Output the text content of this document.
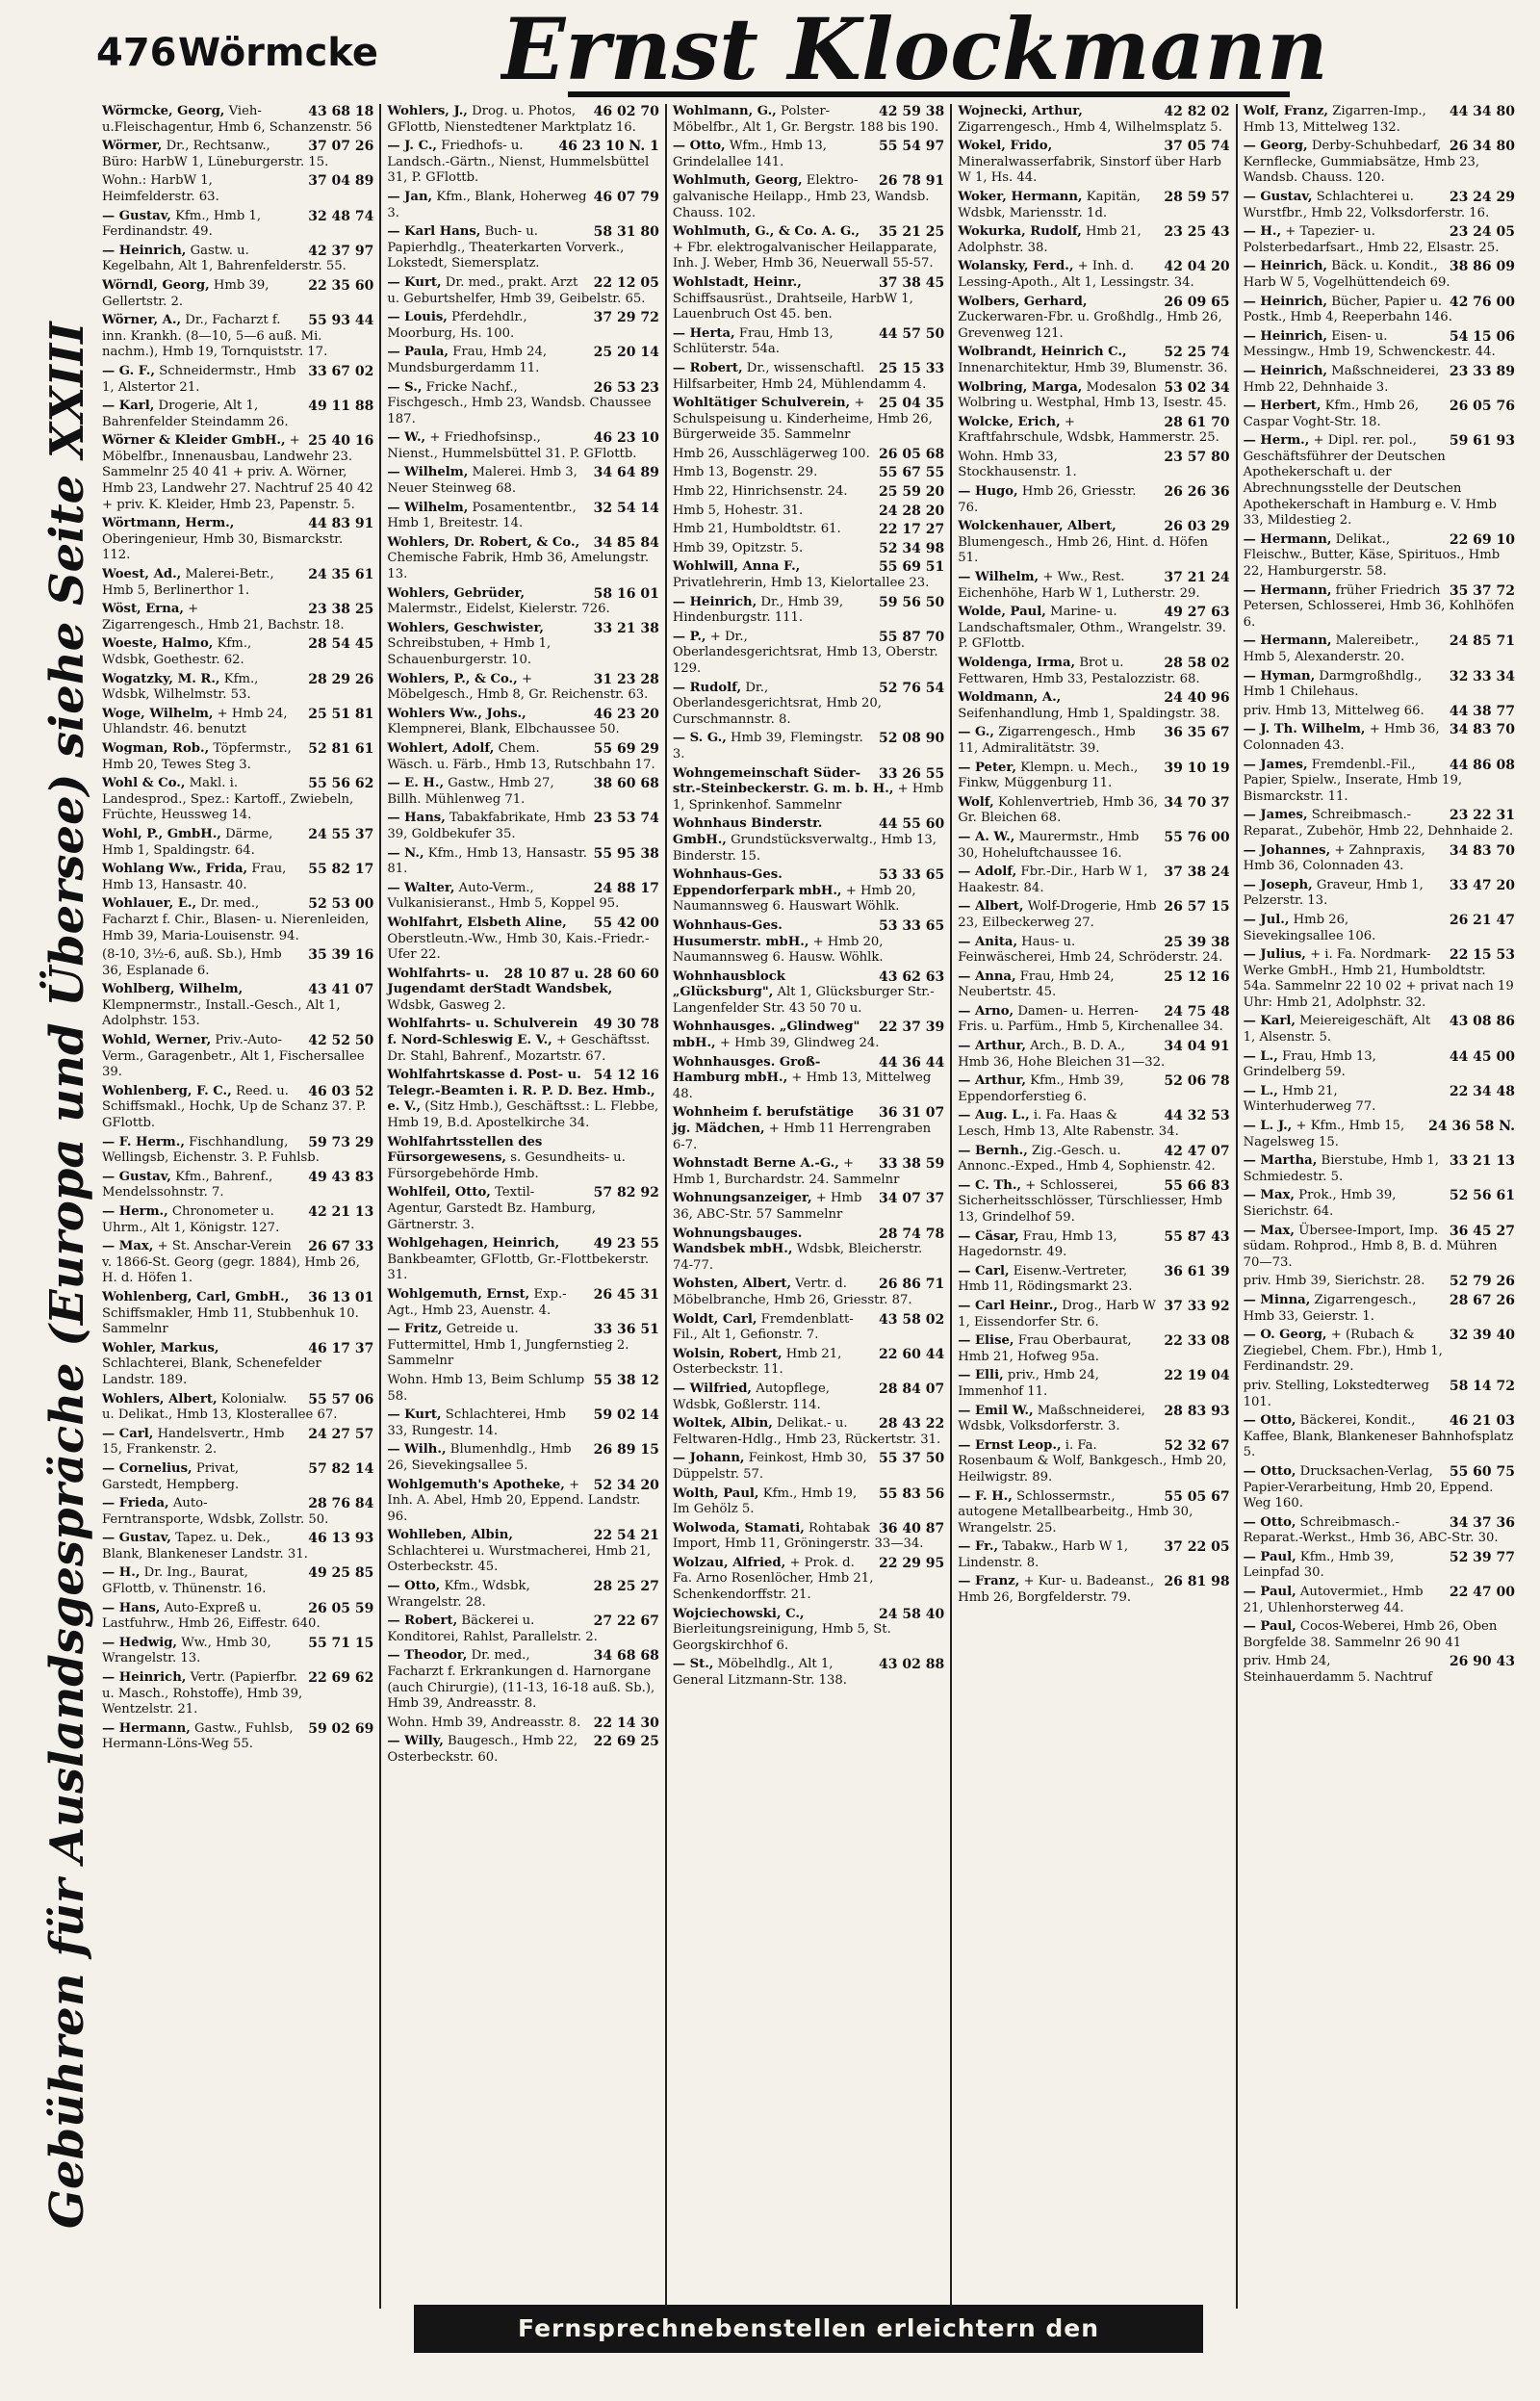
476 Wörmcke Ernst Klockmann
Gebühren für Auslandsgespräche (Europa und Übersee) siehe Seite XXIII
43 68 18
Wörmcke, Georg, Vieh-u.Fleischagentur, Hmb 6, Schanzenstr. 56
37 07 26
Wörmer, Dr., Rechtsanw., Büro: HarbW 1, Lüneburgerstr. 15.
37 04 89
Wohn.: HarbW 1, Heimfelderstr. 63.
32 48 74
— Gustav, Kfm., Hmb 1, Ferdinandstr. 49.
42 37 97
— Heinrich, Gastw. u. Kegelbahn, Alt 1, Bahrenfelderstr. 55.
22 35 60
Wörndl, Georg, Hmb 39, Gellertstr. 2.
55 93 44
Wörner, A., Dr., Facharzt f. inn. Krankh. (8—10, 5—6 auß. Mi. nachm.), Hmb 19, Tornquiststr. 17.
33 67 02
— G. F., Schneidermstr., Hmb 1, Alstertor 21.
49 11 88
— Karl, Drogerie, Alt 1, Bahrenfelder Steindamm 26.
25 40 16
Wörner & Kleider GmbH., + Möbelfbr., Innenausbau, Landwehr 23. Sammelnr 25 40 41 + priv. A. Wörner, Hmb 23, Landwehr 27. Nachtruf 25 40 42 + priv. K. Kleider, Hmb 23, Papenstr. 5.
44 83 91
Wörtmann, Herm., Oberingenieur, Hmb 30, Bismarckstr. 112.
24 35 61
Woest, Ad., Malerei-Betr., Hmb 5, Berlinerthor 1.
23 38 25
Wöst, Erna, + Zigarrengesch., Hmb 21, Bachstr. 18.
28 54 45
Woeste, Halmo, Kfm., Wdsbk, Goethestr. 62.
28 29 26
Wogatzky, M. R., Kfm., Wdsbk, Wilhelmstr. 53.
25 51 81
Woge, Wilhelm, + Hmb 24, Uhlandstr. 46. benutzt
52 81 61
Wogman, Rob., Töpfermstr., Hmb 20, Tewes Steg 3.
55 56 62
Wohl & Co., Makl. i. Landesprod., Spez.: Kartoff., Zwiebeln, Früchte, Heussweg 14.
24 55 37
Wohl, P., GmbH., Därme, Hmb 1, Spaldingstr. 64.
55 82 17
Wohlang Ww., Frida, Frau, Hmb 13, Hansastr. 40.
52 53 00
Wohlauer, E., Dr. med., Facharzt f. Chir., Blasen- u. Nierenleiden, Hmb 39, Maria-Louisenstr. 94.
35 39 16
(8-10, 3½-6, auß. Sb.), Hmb 36, Esplanade 6.
43 41 07
Wohlberg, Wilhelm, Klempnermstr., Install.-Gesch., Alt 1, Adolphstr. 153.
42 52 50
Wohld, Werner, Priv.-Auto-Verm., Garagenbetr., Alt 1, Fischersallee 39.
46 03 52
Wohlenberg, F. C., Reed. u. Schiffsmakl., Hochk, Up de Schanz 37. P. GFlottb.
59 73 29
— F. Herm., Fischhandlung, Wellingsb, Eichenstr. 3. P. Fuhlsb.
49 43 83
— Gustav, Kfm., Bahrenf., Mendelssohnstr. 7.
42 21 13
— Herm., Chronometer u. Uhrm., Alt 1, Königstr. 127.
26 67 33
— Max, + St. Anschar-Verein v. 1866-St. Georg (gegr. 1884), Hmb 26, H. d. Höfen 1.
36 13 01
Wohlenberg, Carl, GmbH., Schiffsmakler, Hmb 11, Stubbenhuk 10. Sammelnr
46 17 37
Wohler, Markus, Schlachterei, Blank, Schenefelder Landstr. 189.
55 57 06
Wohlers, Albert, Kolonialw. u. Delikat., Hmb 13, Klosterallee 67.
24 27 57
— Carl, Handelsvertr., Hmb 15, Frankenstr. 2.
57 82 14
— Cornelius, Privat, Garstedt, Hempberg.
28 76 84
— Frieda, Auto-Ferntransporte, Wdsbk, Zollstr. 50.
46 13 93
— Gustav, Tapez. u. Dek., Blank, Blankeneser Landstr. 31.
49 25 85
— H., Dr. Ing., Baurat, GFlottb, v. Thünenstr. 16.
26 05 59
— Hans, Auto-Expreß u. Lastfuhrw., Hmb 26, Eiffestr. 640.
55 71 15
— Hedwig, Ww., Hmb 30, Wrangelstr. 13.
22 69 62
— Heinrich, Vertr. (Papierfbr. u. Masch., Rohstoffe), Hmb 39, Wentzelstr. 21.
59 02 69
— Hermann, Gastw., Fuhlsb, Hermann-Löns-Weg 55.
46 02 70
Wohlers, J., Drog. u. Photos, GFlottb, Nienstedtener Marktplatz 16.
46 23 10 N. 1
— J. C., Friedhofs- u. Landsch.-Gärtn., Nienst, Hummelsbüttel 31, P. GFlottb.
46 07 79
— Jan, Kfm., Blank, Hoherweg 3.
58 31 80
— Karl Hans, Buch- u. Papierhdlg., Theaterkarten Vorverk., Lokstedt, Siemersplatz.
22 12 05
— Kurt, Dr. med., prakt. Arzt u. Geburtshelfer, Hmb 39, Geibelstr. 65.
37 29 72
— Louis, Pferdehdlr., Moorburg, Hs. 100.
25 20 14
— Paula, Frau, Hmb 24, Mundsburgerdamm 11.
26 53 23
— S., Fricke Nachf., Fischgesch., Hmb 23, Wandsb. Chaussee 187.
46 23 10
— W., + Friedhofsinsp., Nienst., Hummelsbüttel 31. P. GFlottb.
34 64 89
— Wilhelm, Malerei. Hmb 3, Neuer Steinweg 68.
32 54 14
— Wilhelm, Posamententbr., Hmb 1, Breitestr. 14.
34 85 84
Wohlers, Dr. Robert, & Co., Chemische Fabrik, Hmb 36, Amelungstr. 13.
58 16 01
Wohlers, Gebrüder, Malermstr., Eidelst, Kielerstr. 726.
33 21 38
Wohlers, Geschwister, Schreibstuben, + Hmb 1, Schauenburgerstr. 10.
31 23 28
Wohlers, P., & Co., + Möbelgesch., Hmb 8, Gr. Reichenstr. 63.
46 23 20
Wohlers Ww., Johs., Klempnerei, Blank, Elbchaussee 50.
55 69 29
Wohlert, Adolf, Chem. Wäsch. u. Färb., Hmb 13, Rutschbahn 17.
38 60 68
— E. H., Gastw., Hmb 27, Billh. Mühlenweg 71.
23 53 74
— Hans, Tabakfabrikate, Hmb 39, Goldbekufer 35.
55 95 38
— N., Kfm., Hmb 13, Hansastr. 81.
24 88 17
— Walter, Auto-Verm., Vulkanisieranst., Hmb 5, Koppel 95.
55 42 00
Wohlfahrt, Elsbeth Aline, Oberstleutn.-Ww., Hmb 30, Kais.-Friedr.-Ufer 22.
28 10 87 u. 28 60 60
Wohlfahrts- u. Jugendamt derStadt Wandsbek, Wdsbk, Gasweg 2.
49 30 78
Wohlfahrts- u. Schulverein f. Nord-Schleswig E. V., + Geschäftsst. Dr. Stahl, Bahrenf., Mozartstr. 67.
54 12 16
Wohlfahrtskasse d. Post- u. Telegr.-Beamten i. R. P. D. Bez. Hmb., e. V., (Sitz Hmb.), Geschäftsst.: L. Flebbe, Hmb 19, B.d. Apostelkirche 34.
Wohlfahrtsstellen des Fürsorgewesens, s. Gesundheits- u. Fürsorgebehörde Hmb.
57 82 92
Wohlfeil, Otto, Textil-Agentur, Garstedt Bz. Hamburg, Gärtnerstr. 3.
49 23 55
Wohlgehagen, Heinrich, Bankbeamter, GFlottb, Gr.-Flottbekerstr. 31.
26 45 31
Wohlgemuth, Ernst, Exp.-Agt., Hmb 23, Auenstr. 4.
33 36 51
— Fritz, Getreide u. Futtermittel, Hmb 1, Jungfernstieg 2. Sammelnr
55 38 12
Wohn. Hmb 13, Beim Schlump 58.
59 02 14
— Kurt, Schlachterei, Hmb 33, Rungestr. 14.
26 89 15
— Wilh., Blumenhdlg., Hmb 26, Sievekingsallee 5.
52 34 20
Wohlgemuth's Apotheke, + Inh. A. Abel, Hmb 20, Eppend. Landstr. 96.
22 54 21
Wohlleben, Albin, Schlachterei u. Wurstmacherei, Hmb 21, Osterbeckstr. 45.
28 25 27
— Otto, Kfm., Wdsbk, Wrangelstr. 28.
27 22 67
— Robert, Bäckerei u. Konditorei, Rahlst, Parallelstr. 2.
34 68 68
— Theodor, Dr. med., Facharzt f. Erkrankungen d. Harnorgane (auch Chirurgie), (11-13, 16-18 auß. Sb.), Hmb 39, Andreasstr. 8.
22 14 30
Wohn. Hmb 39, Andreasstr. 8.
22 69 25
— Willy, Baugesch., Hmb 22, Osterbeckstr. 60.
42 59 38
Wohlmann, G., Polster-Möbelfbr., Alt 1, Gr. Bergstr. 188 bis 190.
55 54 97
— Otto, Wfm., Hmb 13, Grindelallee 141.
26 78 91
Wohlmuth, Georg, Elektro-galvanische Heilapp., Hmb 23, Wandsb. Chauss. 102.
35 21 25
Wohlmuth, G., & Co. A. G., + Fbr. elektrogalvanischer Heilapparate, Inh. J. Weber, Hmb 36, Neuerwall 55-57.
37 38 45
Wohlstadt, Heinr., Schiffsausrüst., Drahtseile, HarbW 1, Lauenbruch Ost 45. ben.
44 57 50
— Herta, Frau, Hmb 13, Schlüterstr. 54a.
25 15 33
— Robert, Dr., wissenschaftl. Hilfsarbeiter, Hmb 24, Mühlendamm 4.
25 04 35
Wohltätiger Schulverein, + Schulspeisung u. Kinderheime, Hmb 26, Bürgerweide 35. Sammelnr
26 05 68
Hmb 26, Ausschlägerweg 100.
55 67 55
Hmb 13, Bogenstr. 29.
25 59 20
Hmb 22, Hinrichsenstr. 24.
24 28 20
Hmb 5, Hohestr. 31.
22 17 27
Hmb 21, Humboldtstr. 61.
52 34 98
Hmb 39, Opitzstr. 5.
55 69 51
Wohlwill, Anna F., Privatlehrerin, Hmb 13, Kielortallee 23.
59 56 50
— Heinrich, Dr., Hmb 39, Hindenburgstr. 111.
55 87 70
— P., + Dr., Oberlandesgerichtsrat, Hmb 13, Oberstr. 129.
52 76 54
— Rudolf, Dr., Oberlandesgerichtsrat, Hmb 20, Curschmannstr. 8.
52 08 90
— S. G., Hmb 39, Flemingstr. 3.
33 26 55
Wohngemeinschaft Süder-str.-Steinbeckerstr. G. m. b. H., + Hmb 1, Sprinkenhof. Sammelnr
44 55 60
Wohnhaus Binderstr. GmbH., Grundstücksverwaltg., Hmb 13, Binderstr. 15.
53 33 65
Wohnhaus-Ges. Eppendorferpark mbH., + Hmb 20, Naumannsweg 6. Hauswart Wöhlk.
53 33 65
Wohnhaus-Ges. Husumerstr. mbH., + Hmb 20, Naumannsweg 6. Hausw. Wöhlk.
43 62 63
Wohnhausblock „Glücksburg", Alt 1, Glücksburger Str.-Langenfelder Str. 43 50 70 u.
22 37 39
Wohnhausges. „Glindweg" mbH., + Hmb 39, Glindweg 24.
44 36 44
Wohnhausges. Groß-Hamburg mbH., + Hmb 13, Mittelweg 48.
36 31 07
Wohnheim f. berufstätige jg. Mädchen, + Hmb 11 Herrengraben 6-7.
33 38 59
Wohnstadt Berne A.-G., + Hmb 1, Burchardstr. 24. Sammelnr
34 07 37
Wohnungsanzeiger, + Hmb 36, ABC-Str. 57 Sammelnr
28 74 78
Wohnungsbauges. Wandsbek mbH., Wdsbk, Bleicherstr. 74-77.
26 86 71
Wohsten, Albert, Vertr. d. Möbelbranche, Hmb 26, Griesstr. 87.
43 58 02
Woldt, Carl, Fremdenblatt-Fil., Alt 1, Gefionstr. 7.
22 60 44
Wolsin, Robert, Hmb 21, Osterbeckstr. 11.
28 84 07
— Wilfried, Autopflege, Wdsbk, Goßlerstr. 114.
28 43 22
Woltek, Albin, Delikat.- u. Feltwaren-Hdlg., Hmb 23, Rückertstr. 31.
55 37 50
— Johann, Feinkost, Hmb 30, Düppelstr. 57.
55 83 56
Wolth, Paul, Kfm., Hmb 19, Im Gehölz 5.
36 40 87
Wolwoda, Stamati, Rohtabak Import, Hmb 11, Gröningerstr. 33—34.
22 29 95
Wolzau, Alfried, + Prok. d. Fa. Arno Rosenlöcher, Hmb 21, Schenkendorffstr. 21.
24 58 40
Wojciechowski, C., Bierleitungsreinigung, Hmb 5, St. Georgskirchhof 6.
43 02 88
— St., Möbelhdlg., Alt 1, General Litzmann-Str. 138.
42 82 02
Wojnecki, Arthur, Zigarrengesch., Hmb 4, Wilhelmsplatz 5.
37 05 74
Wokel, Frido, Mineralwasserfabrik, Sinstorf über Harb W 1, Hs. 44.
28 59 57
Woker, Hermann, Kapitän, Wdsbk, Mariensstr. 1d.
23 25 43
Wokurka, Rudolf, Hmb 21, Adolphstr. 38.
42 04 20
Wolansky, Ferd., + Inh. d. Lessing-Apoth., Alt 1, Lessingstr. 34.
26 09 65
Wolbers, Gerhard, Zuckerwaren-Fbr. u. Großhdlg., Hmb 26, Grevenweg 121.
52 25 74
Wolbrandt, Heinrich C., Innenarchitektur, Hmb 39, Blumenstr. 36.
53 02 34
Wolbring, Marga, Modesalon Wolbring u. Westphal, Hmb 13, Isestr. 45.
28 61 70
Wolcke, Erich, + Kraftfahrschule, Wdsbk, Hammerstr. 25.
23 57 80
Wohn. Hmb 33, Stockhausenstr. 1.
26 26 36
— Hugo, Hmb 26, Griesstr. 76.
26 03 29
Wolckenhauer, Albert, Blumengesch., Hmb 26, Hint. d. Höfen 51.
37 21 24
— Wilhelm, + Ww., Rest. Eichenhöhe, Harb W 1, Lutherstr. 29.
49 27 63
Wolde, Paul, Marine- u. Landschaftsmaler, Othm., Wrangelstr. 39. P. GFlottb.
28 58 02
Woldenga, Irma, Brot u. Fettwaren, Hmb 33, Pestalozzistr. 68.
24 40 96
Woldmann, A., Seifenhandlung, Hmb 1, Spaldingstr. 38.
36 35 67
— G., Zigarrengesch., Hmb 11, Admiralitätstr. 39.
39 10 19
— Peter, Klempn. u. Mech., Finkw, Müggenburg 11.
34 70 37
Wolf, Kohlenvertrieb, Hmb 36, Gr. Bleichen 68.
55 76 00
— A. W., Maurermstr., Hmb 30, Hoheluftchaussee 16.
37 38 24
— Adolf, Fbr.-Dir., Harb W 1, Haakestr. 84.
26 57 15
— Albert, Wolf-Drogerie, Hmb 23, Eilbeckerweg 27.
25 39 38
— Anita, Haus- u. Feinwäscherei, Hmb 24, Schröderstr. 24.
25 12 16
— Anna, Frau, Hmb 24, Neubertstr. 45.
24 75 48
— Arno, Damen- u. Herren-Fris. u. Parfüm., Hmb 5, Kirchenallee 34.
34 04 91
— Arthur, Arch., B. D. A., Hmb 36, Hohe Bleichen 31—32.
52 06 78
— Arthur, Kfm., Hmb 39, Eppendorferstieg 6.
44 32 53
— Aug. L., i. Fa. Haas & Lesch, Hmb 13, Alte Rabenstr. 34.
42 47 07
— Bernh., Zig.-Gesch. u. Annonc.-Exped., Hmb 4, Sophienstr. 42.
55 66 83
— C. Th., + Schlosserei, Sicherheitsschlösser, Türschliesser, Hmb 13, Grindelhof 59.
55 87 43
— Cäsar, Frau, Hmb 13, Hagedornstr. 49.
36 61 39
— Carl, Eisenw.-Vertreter, Hmb 11, Rödingsmarkt 23.
37 33 92
— Carl Heinr., Drog., Harb W 1, Eissendorfer Str. 6.
22 33 08
— Elise, Frau Oberbaurat, Hmb 21, Hofweg 95a.
22 19 04
— Elli, priv., Hmb 24, Immenhof 11.
28 83 93
— Emil W., Maßschneiderei, Wdsbk, Volksdorferstr. 3.
52 32 67
— Ernst Leop., i. Fa. Rosenbaum & Wolf, Bankgesch., Hmb 20, Heilwigstr. 89.
55 05 67
— F. H., Schlossermstr., autogene Metallbearbeitg., Hmb 30, Wrangelstr. 25.
37 22 05
— Fr., Tabakw., Harb W 1, Lindenstr. 8.
26 81 98
— Franz, + Kur- u. Badeanst., Hmb 26, Borgfelderstr. 79.
44 34 80
Wolf, Franz, Zigarren-Imp., Hmb 13, Mittelweg 132.
26 34 80
— Georg, Derby-Schuhbedarf, Kernflecke, Gummiabsätze, Hmb 23, Wandsb. Chauss. 120.
23 24 29
— Gustav, Schlachterei u. Wurstfbr., Hmb 22, Volksdorferstr. 16.
23 24 05
— H., + Tapezier- u. Polsterbedarfsart., Hmb 22, Elsastr. 25.
38 86 09
— Heinrich, Bäck. u. Kondit., Harb W 5, Vogelhüttendeich 69.
42 76 00
— Heinrich, Bücher, Papier u. Postk., Hmb 4, Reeperbahn 146.
54 15 06
— Heinrich, Eisen- u. Messingw., Hmb 19, Schwenckestr. 44.
23 33 89
— Heinrich, Maßschneiderei, Hmb 22, Dehnhaide 3.
26 05 76
— Herbert, Kfm., Hmb 26, Caspar Voght-Str. 18.
59 61 93
— Herm., + Dipl. rer. pol., Geschäftsführer der Deutschen Apothekerschaft u. der Abrechnungsstelle der Deutschen Apothekerschaft in Hamburg e. V. Hmb 33, Mildestieg 2.
22 69 10
— Hermann, Delikat., Fleischw., Butter, Käse, Spirituos., Hmb 22, Hamburgerstr. 58.
35 37 72
— Hermann, früher Friedrich Petersen, Schlosserei, Hmb 36, Kohlhöfen 6.
24 85 71
— Hermann, Malereibetr., Hmb 5, Alexanderstr. 20.
32 33 34
— Hyman, Darmgroßhdlg., Hmb 1 Chilehaus.
44 38 77
priv. Hmb 13, Mittelweg 66.
34 83 70
— J. Th. Wilhelm, + Hmb 36, Colonnaden 43.
44 86 08
— James, Fremdenbl.-Fil., Papier, Spielw., Inserate, Hmb 19, Bismarckstr. 11.
23 22 31
— James, Schreibmasch.-Reparat., Zubehör, Hmb 22, Dehnhaide 2.
34 83 70
— Johannes, + Zahnpraxis, Hmb 36, Colonnaden 43.
33 47 20
— Joseph, Graveur, Hmb 1, Pelzerstr. 13.
26 21 47
— Jul., Hmb 26, Sievekingsallee 106.
22 15 53
— Julius, + i. Fa. Nordmark-Werke GmbH., Hmb 21, Humboldtstr. 54a. Sammelnr 22 10 02 + privat nach 19 Uhr: Hmb 21, Adolphstr. 32.
43 08 86
— Karl, Meiereigeschäft, Alt 1, Alsenstr. 5.
44 45 00
— L., Frau, Hmb 13, Grindelberg 59.
22 34 48
— L., Hmb 21, Winterhuderweg 77.
24 36 58 N.
— L. J., + Kfm., Hmb 15, Nagelsweg 15.
33 21 13
— Martha, Bierstube, Hmb 1, Schmiedestr. 5.
52 56 61
— Max, Prok., Hmb 39, Sierichstr. 64.
36 45 27
— Max, Übersee-Import, Imp. südam. Rohprod., Hmb 8, B. d. Mühren 70—73.
52 79 26
priv. Hmb 39, Sierichstr. 28.
28 67 26
— Minna, Zigarrengesch., Hmb 33, Geierstr. 1.
32 39 40
— O. Georg, + (Rubach & Ziegiebel, Chem. Fbr.), Hmb 1, Ferdinandstr. 29.
58 14 72
priv. Stelling, Lokstedterweg 101.
46 21 03
— Otto, Bäckerei, Kondit., Kaffee, Blank, Blankeneser Bahnhofsplatz 5.
55 60 75
— Otto, Drucksachen-Verlag, Papier-Verarbeitung, Hmb 20, Eppend. Weg 160.
34 37 36
— Otto, Schreibmasch.-Reparat.-Werkst., Hmb 36, ABC-Str. 30.
52 39 77
— Paul, Kfm., Hmb 39, Leinpfad 30.
22 47 00
— Paul, Autovermiet., Hmb 21, Uhlenhorsterweg 44.
— Paul, Cocos-Weberei, Hmb 26, Oben Borgfelde 38. Sammelnr 26 90 41
26 90 43
priv. Hmb 24, Steinhauerdamm 5. Nachtruf
Fernsprechnebenstellen erleichtern den Geschäftsbetrieb
